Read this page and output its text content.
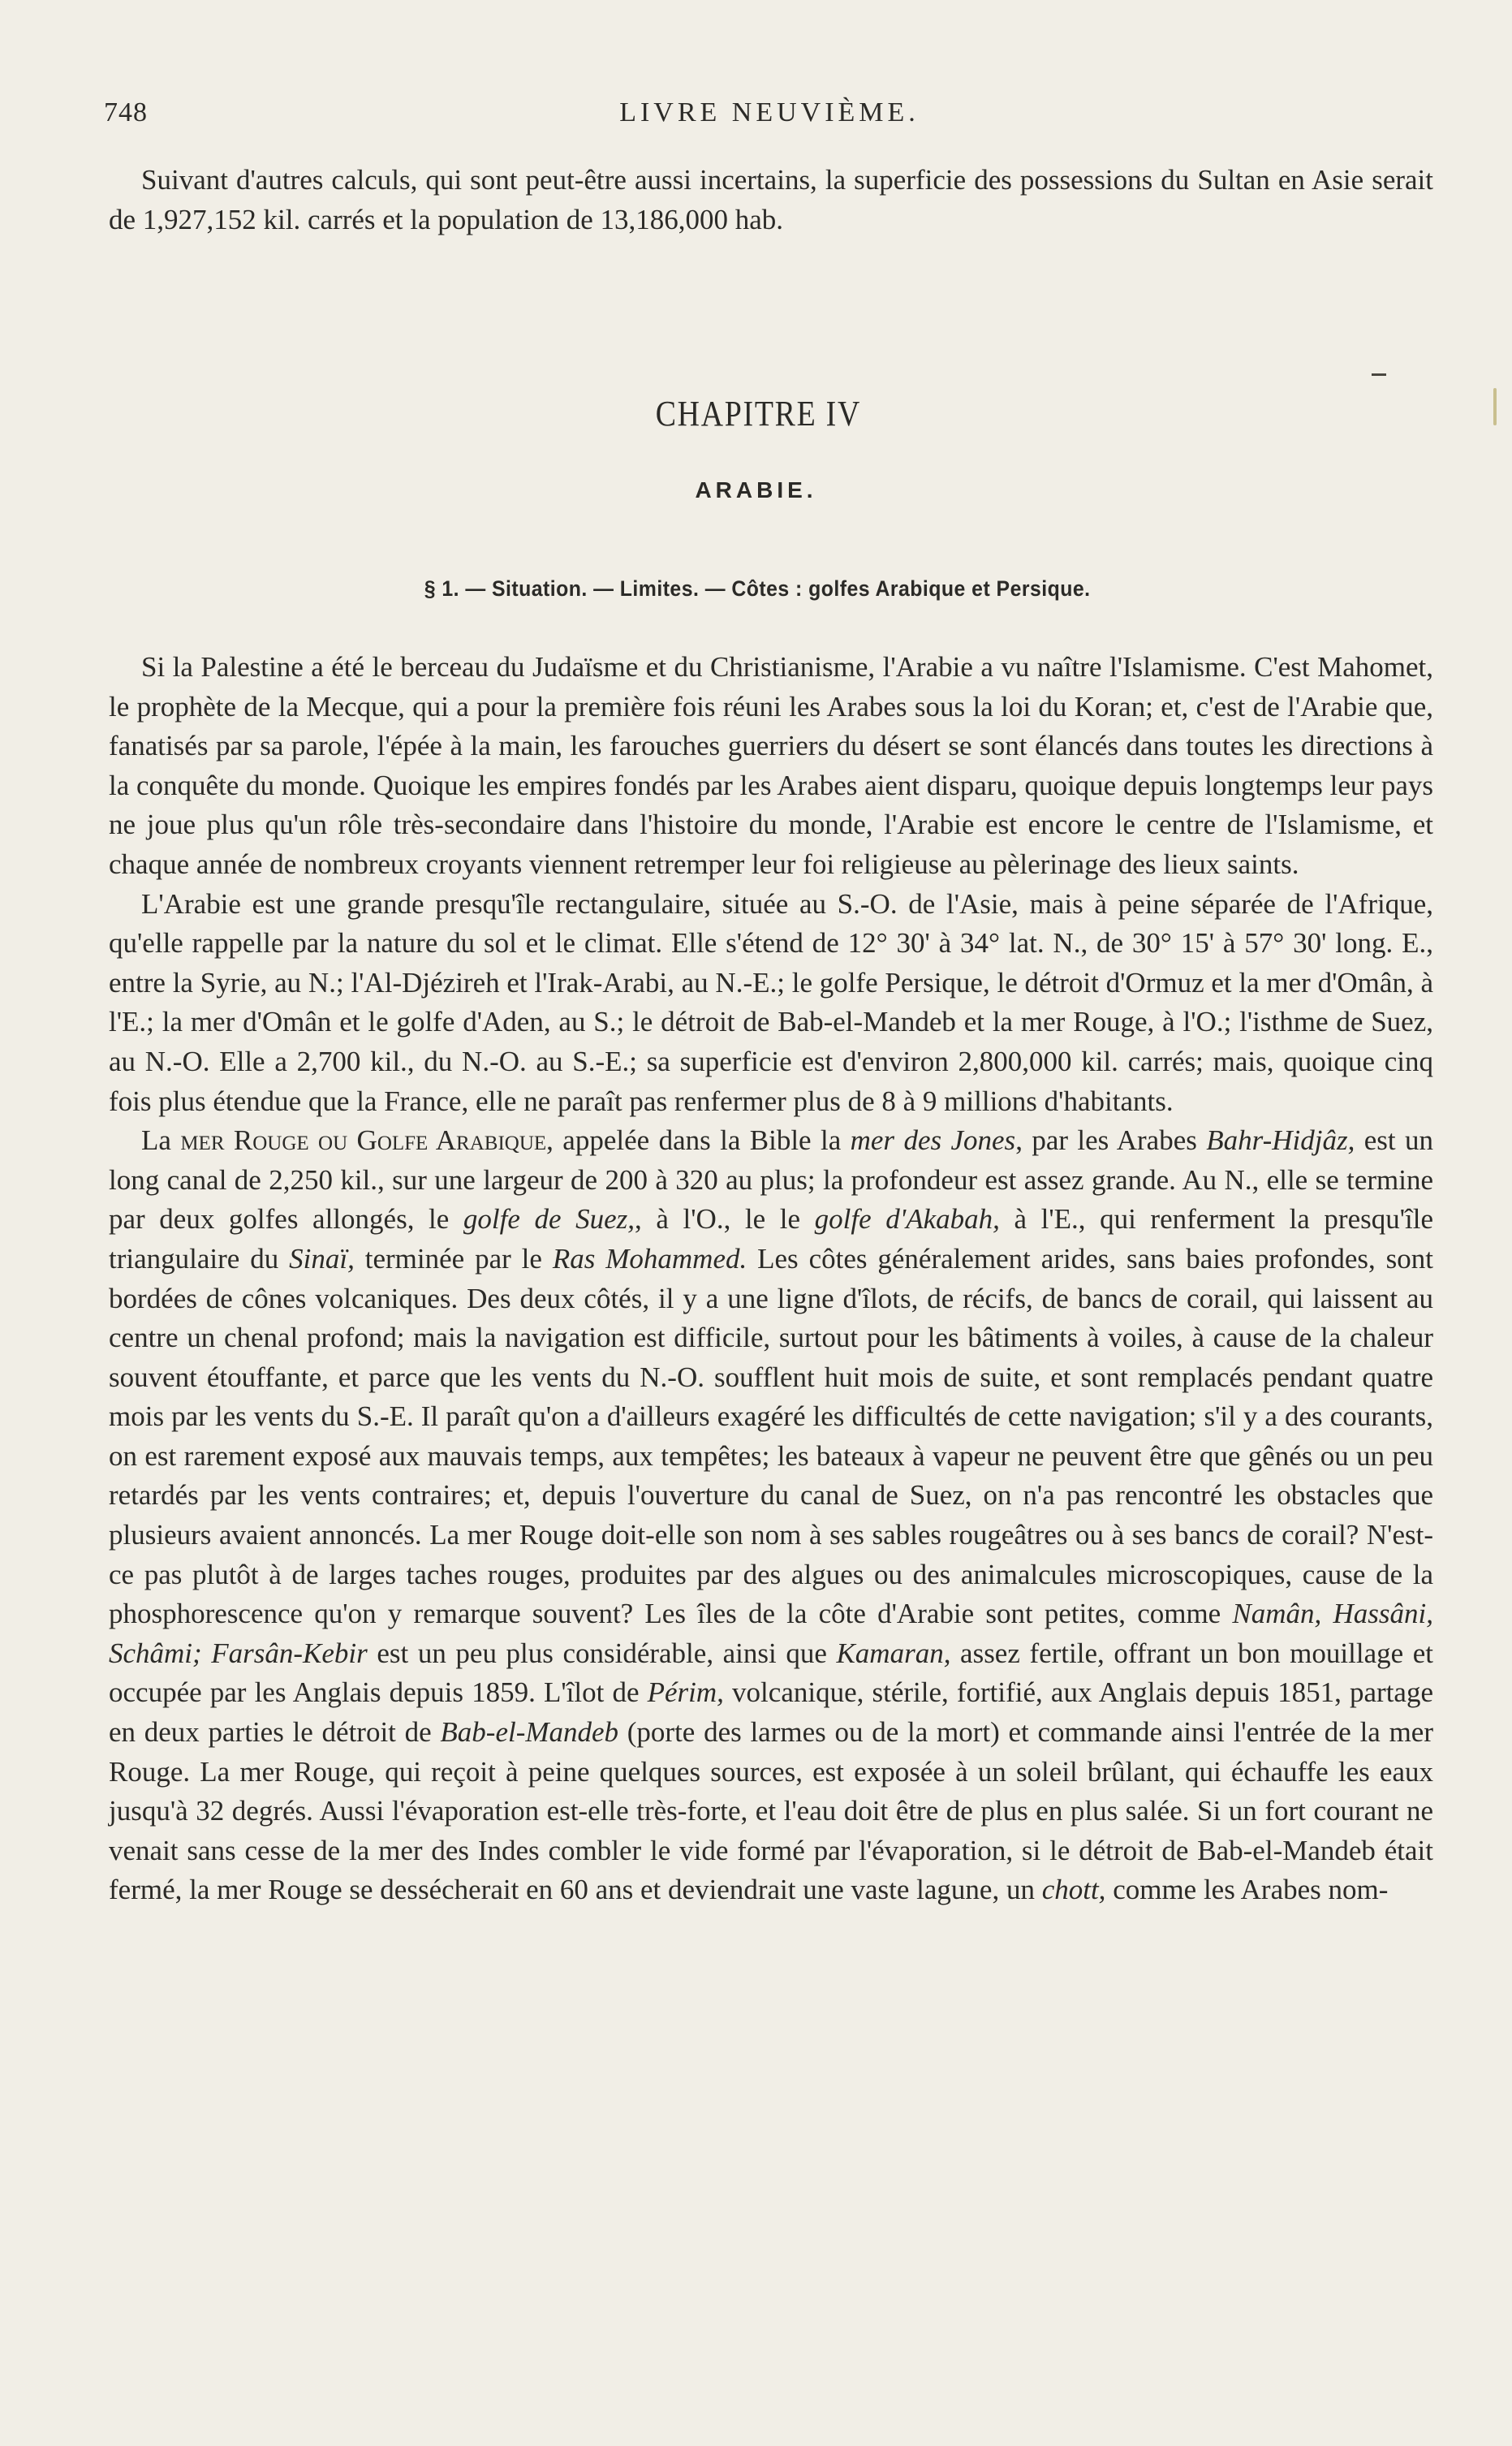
748	LIVRE NEUVIÈME.
Suivant d'autres calculs, qui sont peut-être aussi incertains, la superficie des possessions du Sultan en Asie serait de 1,927,152 kil. carrés et la population de 13,186,000 hab.
CHAPITRE IV
ARABIE.
§ 1. — Situation. — Limites. — Côtes : golfes Arabique et Persique.

Si la Palestine a été le berceau du Judaïsme et du Christianisme, l'Arabie a vu naître l'Islamisme. C'est Mahomet, le prophète de la Mecque, qui a pour la première fois réuni les Arabes sous la loi du Koran; et, c'est de l'Arabie que, fanatisés par sa parole, l'épée à la main, les farouches guerriers du désert se sont élancés dans toutes les directions à la conquête du monde. Quoique les empires fondés par les Arabes aient disparu, quoique depuis longtemps leur pays ne joue plus qu'un rôle très-secondaire dans l'histoire du monde, l'Arabie est encore le centre de l'Islamisme, et chaque année de nombreux croyants viennent retremper leur foi religieuse au pèlerinage des lieux saints.

L'Arabie est une grande presqu'île rectangulaire, située au S.-O. de l'Asie, mais à peine séparée de l'Afrique, qu'elle rappelle par la nature du sol et le climat. Elle s'étend de 12° 30' à 34° lat. N., de 30° 15' à 57° 30' long. E., entre la Syrie, au N.; l'Al-Djézireh et l'Irak-Arabi, au N.-E.; le golfe Persique, le détroit d'Ormuz et la mer d'Omân, à l'E.; la mer d'Omân et le golfe d'Aden, au S.; le détroit de Bab-el-Mandeb et la mer Rouge, à l'O.; l'isthme de Suez, au N.-O. Elle a 2,700 kil., du N.-O. au S.-E.; sa superficie est d'environ 2,800,000 kil. carrés; mais, quoique cinq fois plus étendue que la France, elle ne paraît pas renfermer plus de 8 à 9 millions d'habitants.

La mer Rouge ou Golfe Arabique, appelée dans la Bible la mer des Jones, par les Arabes Bahr-Hidjâz, est un long canal de 2,250 kil., sur une largeur de 200 à 320 au plus; la profondeur est assez grande. Au N., elle se termine par deux golfes allongés, le golfe de Suez,, à l'O., le le golfe d'Akabah, à l'E., qui renferment la presqu'île triangulaire du Sinaï, terminée par le Ras Mohammed. Les côtes généralement arides, sans baies profondes, sont bordées de cônes volcaniques. Des deux côtés, il y a une ligne d'îlots, de récifs, de bancs de corail, qui laissent au centre un chenal profond; mais la navigation est difficile, surtout pour les bâtiments à voiles, à cause de la chaleur souvent étouffante, et parce que les vents du N.-O. soufflent huit mois de suite, et sont remplacés pendant quatre mois par les vents du S.-E. Il paraît qu'on a d'ailleurs exagéré les difficultés de cette navigation; s'il y a des courants, on est rarement exposé aux mauvais temps, aux tempêtes; les bateaux à vapeur ne peuvent être que gênés ou un peu retardés par les vents contraires; et, depuis l'ouverture du canal de Suez, on n'a pas rencontré les obstacles que plusieurs avaient annoncés. La mer Rouge doit-elle son nom à ses sables rougeâtres ou à ses bancs de corail? N'est-ce pas plutôt à de larges taches rouges, produites par des algues ou des animalcules microscopiques, cause de la phosphorescence qu'on y remarque souvent? Les îles de la côte d'Arabie sont petites, comme Namân, Hassâni, Schâmi; Farsân-Kebir est un peu plus considérable, ainsi que Kamaran, assez fertile, offrant un bon mouillage et occupée par les Anglais depuis 1859. L'îlot de Périm, volcanique, stérile, fortifié, aux Anglais depuis 1851, partage en deux parties le détroit de Bab-el-Mandeb (porte des larmes ou de la mort) et commande ainsi l'entrée de la mer Rouge. La mer Rouge, qui reçoit à peine quelques sources, est exposée à un soleil brûlant, qui échauffe les eaux jusqu'à 32 degrés. Aussi l'évaporation est-elle très-forte, et l'eau doit être de plus en plus salée. Si un fort courant ne venait sans cesse de la mer des Indes combler le vide formé par l'évaporation, si le détroit de Bab-el-Mandeb était fermé, la mer Rouge se dessécherait en 60 ans et deviendrait une vaste lagune, un chott, comme les Arabes nom-
